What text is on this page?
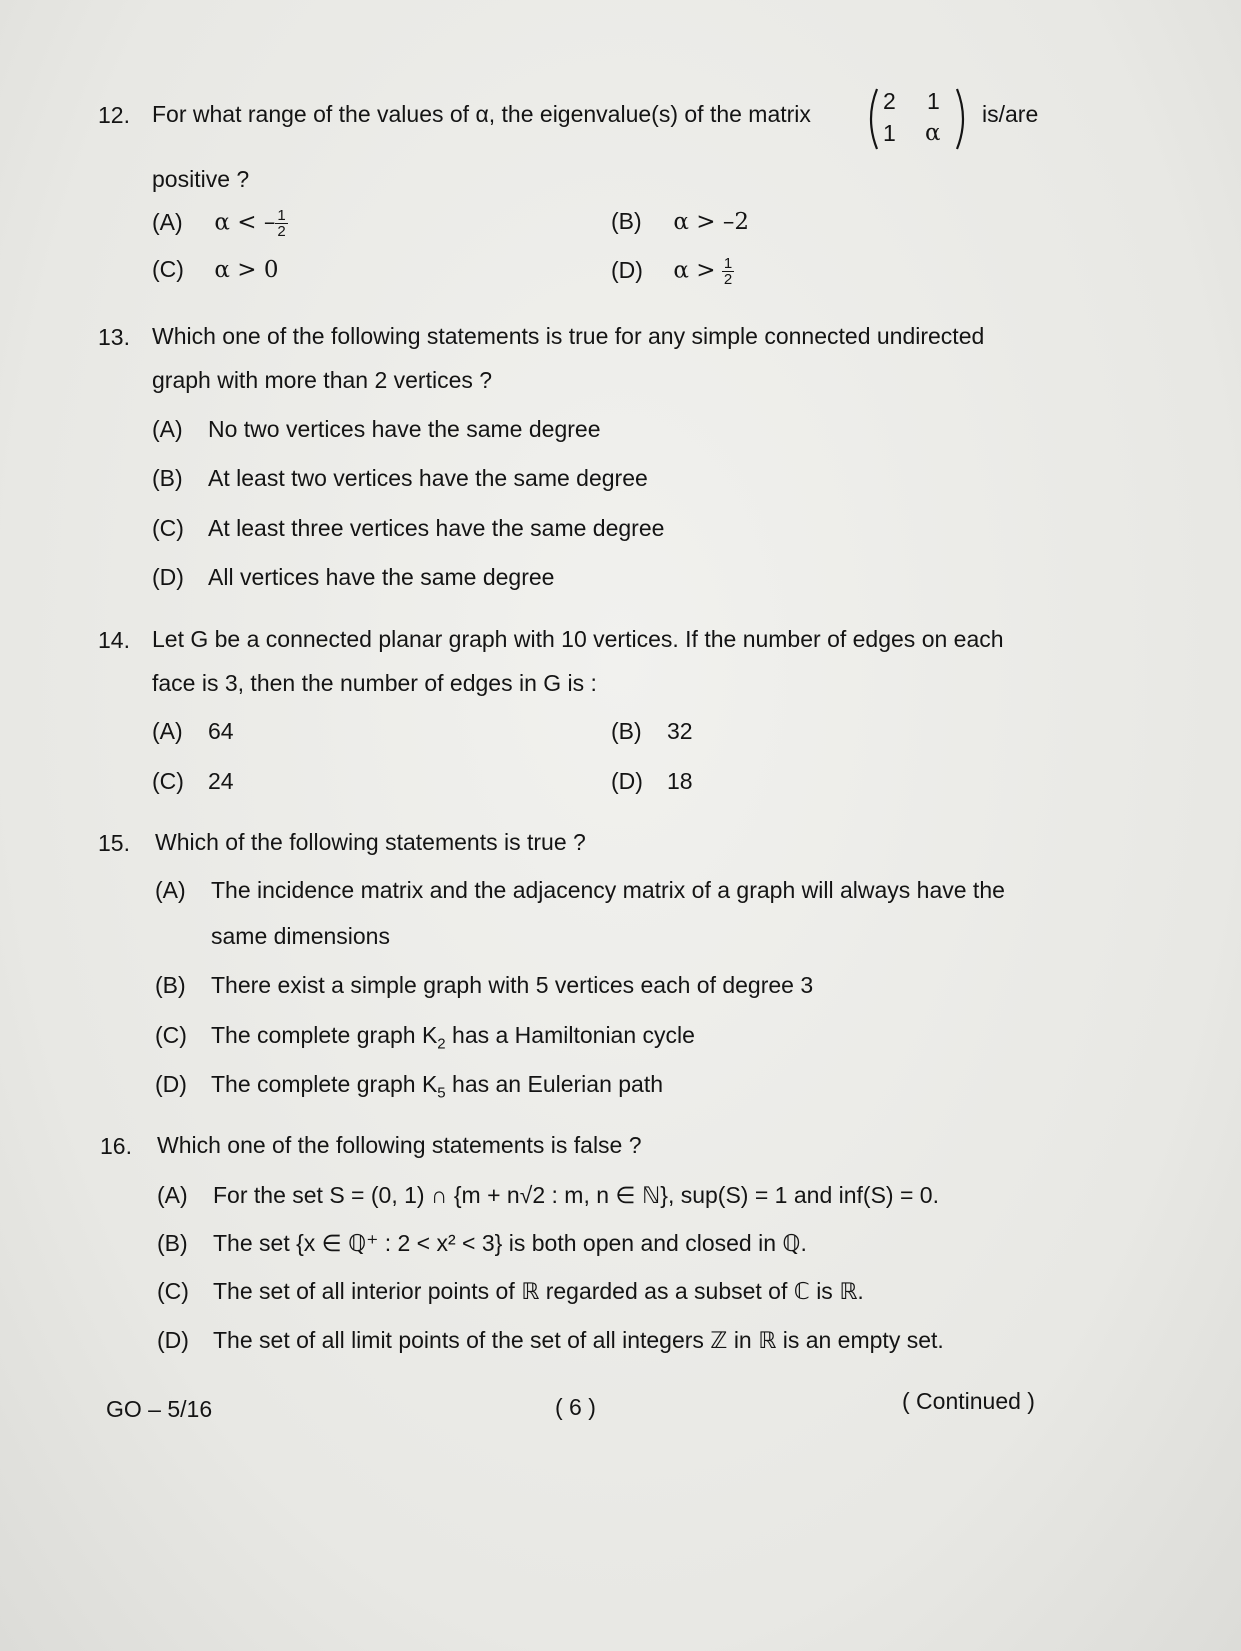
12. For what range of the values of α, the eigenvalue(s) of the matrix	2 1
1 α
is/are
positive ?
(A) α < – $\frac{1}{2}$	(B) α > –2
(C) α > 0	(D) $\alpha > \frac{1}{2}$
13. Which one of the following statements is true for any simple connected undirected
graph with more than 2 vertices ?
(A) No two vertices have the same degree
(B) At least two vertices have the same degree
(C) At least three vertices have the same degree
(D) All vertices have the same degree
14. Let G be a connected planar graph with 10 vertices. If the number of edges on each
face is 3, then the number of edges in G is :
(A) 64	(B) 32
(C) 24	(D) 18
15. Which of the following statements is true ?
(A) The incidence matrix and the adjacency matrix of a graph will always have the
same dimensions
(B) There exist a simple graph with 5 vertices each of degree 3
(C) The complete graph $K_2$ has a Hamiltonian cycle
(D) The complete graph $K_5$ has an Eulerian path
16. Which one of the following statements is false ?
(A) For the set S = (0, 1) ∩ {m + n√2 : m, n ∈ ℕ}, sup(S) = 1 and inf(S) = 0.
(B) The set {x ∈ ℚ⁺ : 2 < x² < 3} is both open and closed in ℚ.
(C) The set of all interior points of ℝ regarded as a subset of ℂ is ℝ.
(D) The set of all limit points of the set of all integers ℤ in ℝ is an empty set.
GO – 5/16	( 6 )	( Continued )
